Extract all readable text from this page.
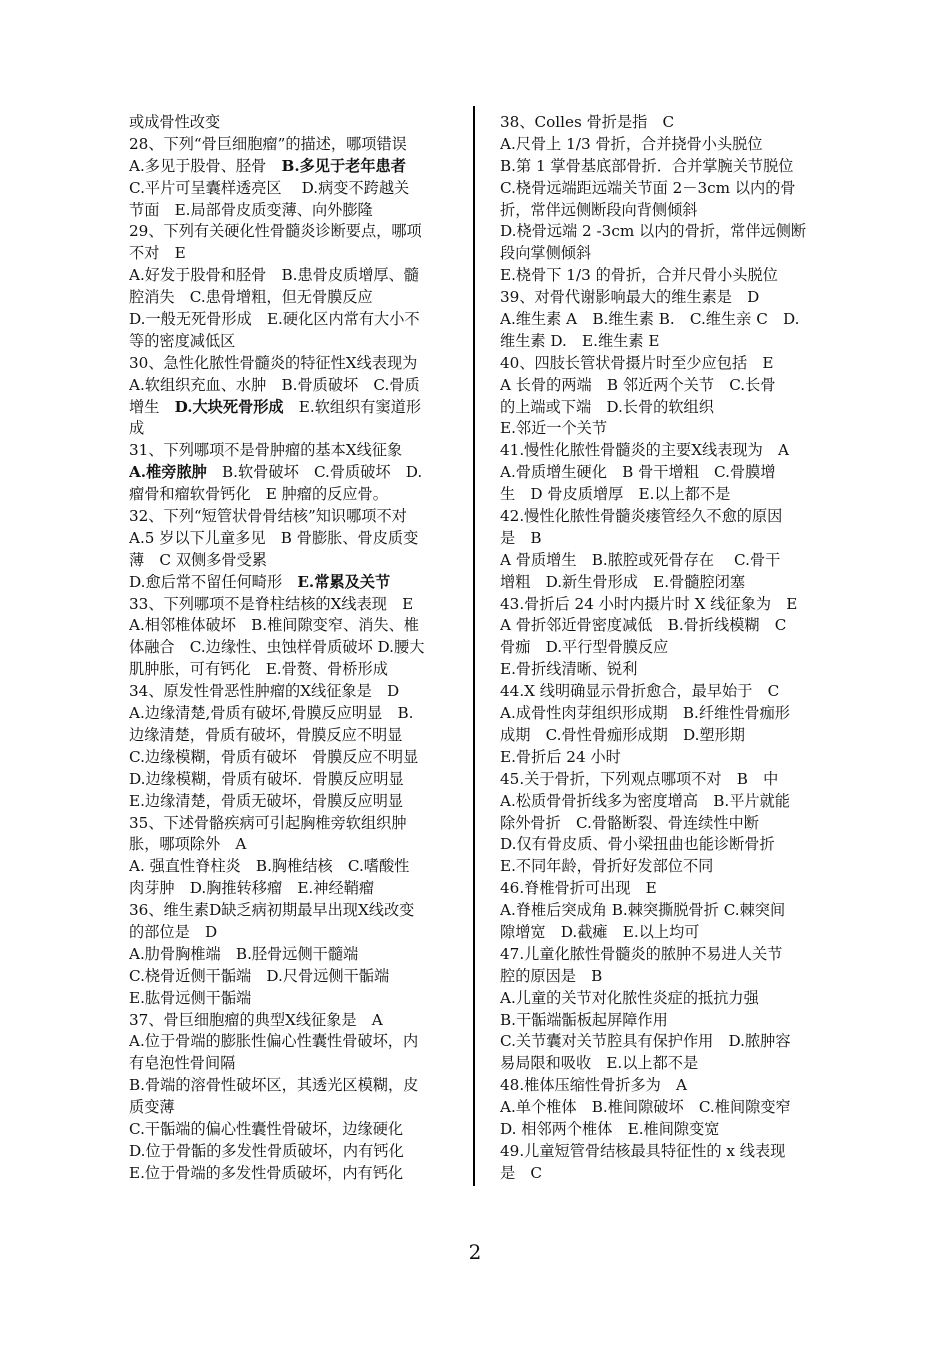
或成骨性改变
28、下列“骨巨细胞瘤”的描述，哪项错误
A.多见于股骨、胫骨　B.多见于老年患者
C.平片可呈囊样透亮区　 D.病变不跨越关
节面　E.局部骨皮质变薄、向外膨隆
29、下列有关硬化性骨髓炎诊断要点，哪项
不对　E
A.好发于股骨和胫骨　B.患骨皮质增厚、髓
腔消失　C.患骨增粗，但无骨膜反应
D.一般无死骨形成　E.硬化区内常有大小不
等的密度减低区
30、急性化脓性骨髓炎的特征性X线表现为
A.软组织充血、水肿　B.骨质破坏　C.骨质
增生　D.大块死骨形成　E.软组织有窦道形
成
31、下列哪项不是骨肿瘤的基本X线征象
A.椎旁脓肿　B.软骨破坏　C.骨质破坏　D.
瘤骨和瘤软骨钙化　E 肿瘤的反应骨。
32、下列“短管状骨骨结核”知识哪项不对
A.5 岁以下儿童多见　B 骨膨胀、骨皮质变
薄　C 双侧多骨受累
D.愈后常不留任何畸形　E.常累及关节
33、下列哪项不是脊柱结核的X线表现　E
A.相邻椎体破坏　B.椎间隙变窄、消失、椎
体融合　C.边缘性、虫蚀样骨质破坏 D.腰大
肌肿胀，可有钙化　E.骨赘、骨桥形成
34、原发性骨恶性肿瘤的X线征象是　D
A.边缘清楚,骨质有破坏,骨膜反应明显　B.
边缘清楚，骨质有破坏，骨膜反应不明显
C.边缘模糊，骨质有破坏　骨膜反应不明显
D.边缘模糊，骨质有破坏．骨膜反应明显
E.边缘清楚，骨质无破坏，骨膜反应明显
35、下述骨骼疾病可引起胸椎旁软组织肿
胀，哪项除外　A
A. 强直性脊柱炎　B.胸椎结核　C.嗜酸性
肉芽肿　D.胸推转移瘤　E.神经鞘瘤
36、维生素D缺乏病初期最早出现X线改变
的部位是　D
A.肋骨胸椎端　B.胫骨远侧干髓端
C.桡骨近侧干骺端　D.尺骨远侧干骺端
E.肱骨远侧干骺端
37、骨巨细胞瘤的典型X线征象是　A
A.位于骨端的膨胀性偏心性囊性骨破坏，内
有皂泡性骨间隔
B.骨端的溶骨性破坏区，其透光区模糊，皮
质变薄
C.干骺端的偏心性囊性骨破坏，边缘硬化
D.位于骨骺的多发性骨质破坏，内有钙化
E.位于骨端的多发性骨质破坏，内有钙化
38、Colles 骨折是指　C
A.尺骨上 1/3 骨折，合并挠骨小头脱位
B.第 1 掌骨基底部骨折．合并掌腕关节脱位
C.桡骨远端距远端关节面 2－3cm 以内的骨
折，常伴远侧断段向背侧倾斜
D.桡骨远端 2 -3cm 以内的骨折，常伴远侧断
段向掌侧倾斜
E.桡骨下 1/3 的骨折，合并尺骨小头脱位
39、对骨代谢影响最大的维生素是　D
A.维生素 A　B.维生素 B.　C.维生亲 C　D.
维生素 D.　E.维生素 E
40、四肢长管状骨摄片时至少应包括　E
A 长骨的两端　B 邻近两个关节　C.长骨
的上端或下端　D.长骨的软组织
E.邻近一个关节
41.慢性化脓性骨髓炎的主要X线表现为　A
A.骨质增生硬化　B 骨干增粗　C.骨膜增
生　D 骨皮质增厚　E.以上都不是
42.慢性化脓性骨髓炎瘘管经久不愈的原因
是　B
A 骨质增生　B.脓腔或死骨存在　 C.骨干
增粗　D.新生骨形成　E.骨髓腔闭塞
43.骨折后 24 小时内摄片时 X 线征象为　E
A 骨折邻近骨密度减低　B.骨折线模糊　C
骨痂　D.平行型骨膜反应
E.骨折线清晰、锐利
44.X 线明确显示骨折愈合，最早始于　C
A.成骨性肉芽组织形成期　B.纤维性骨痂形
成期　C.骨性骨痂形成期　D.塑形期
E.骨折后 24 小时
45.关于骨折，下列观点哪项不对　B　中
A.松质骨骨折线多为密度增高　B.平片就能
除外骨折　C.骨骼断裂、骨连续性中断
D.仅有骨皮质、骨小梁扭曲也能诊断骨折
E.不同年龄，骨折好发部位不同
46.脊椎骨折可出现　E
A.脊椎后突成角 B.棘突撕脱骨折 C.棘突间
隙增宽　D.截瘫　E.以上均可
47.儿童化脓性骨髓炎的脓肿不易进人关节
腔的原因是　B
A.儿童的关节对化脓性炎症的抵抗力强
B.干骺端骺板起屏障作用
C.关节囊对关节腔具有保护作用　D.脓肿容
易局限和吸收　E.以上都不是
48.椎体压缩性骨折多为　A
A.单个椎体　B.椎间隙破坏　C.椎间隙变窄
D. 相邻两个椎体　E.椎间隙变宽
49.儿童短管骨结核最具特征性的 x 线表现
是　C
2
